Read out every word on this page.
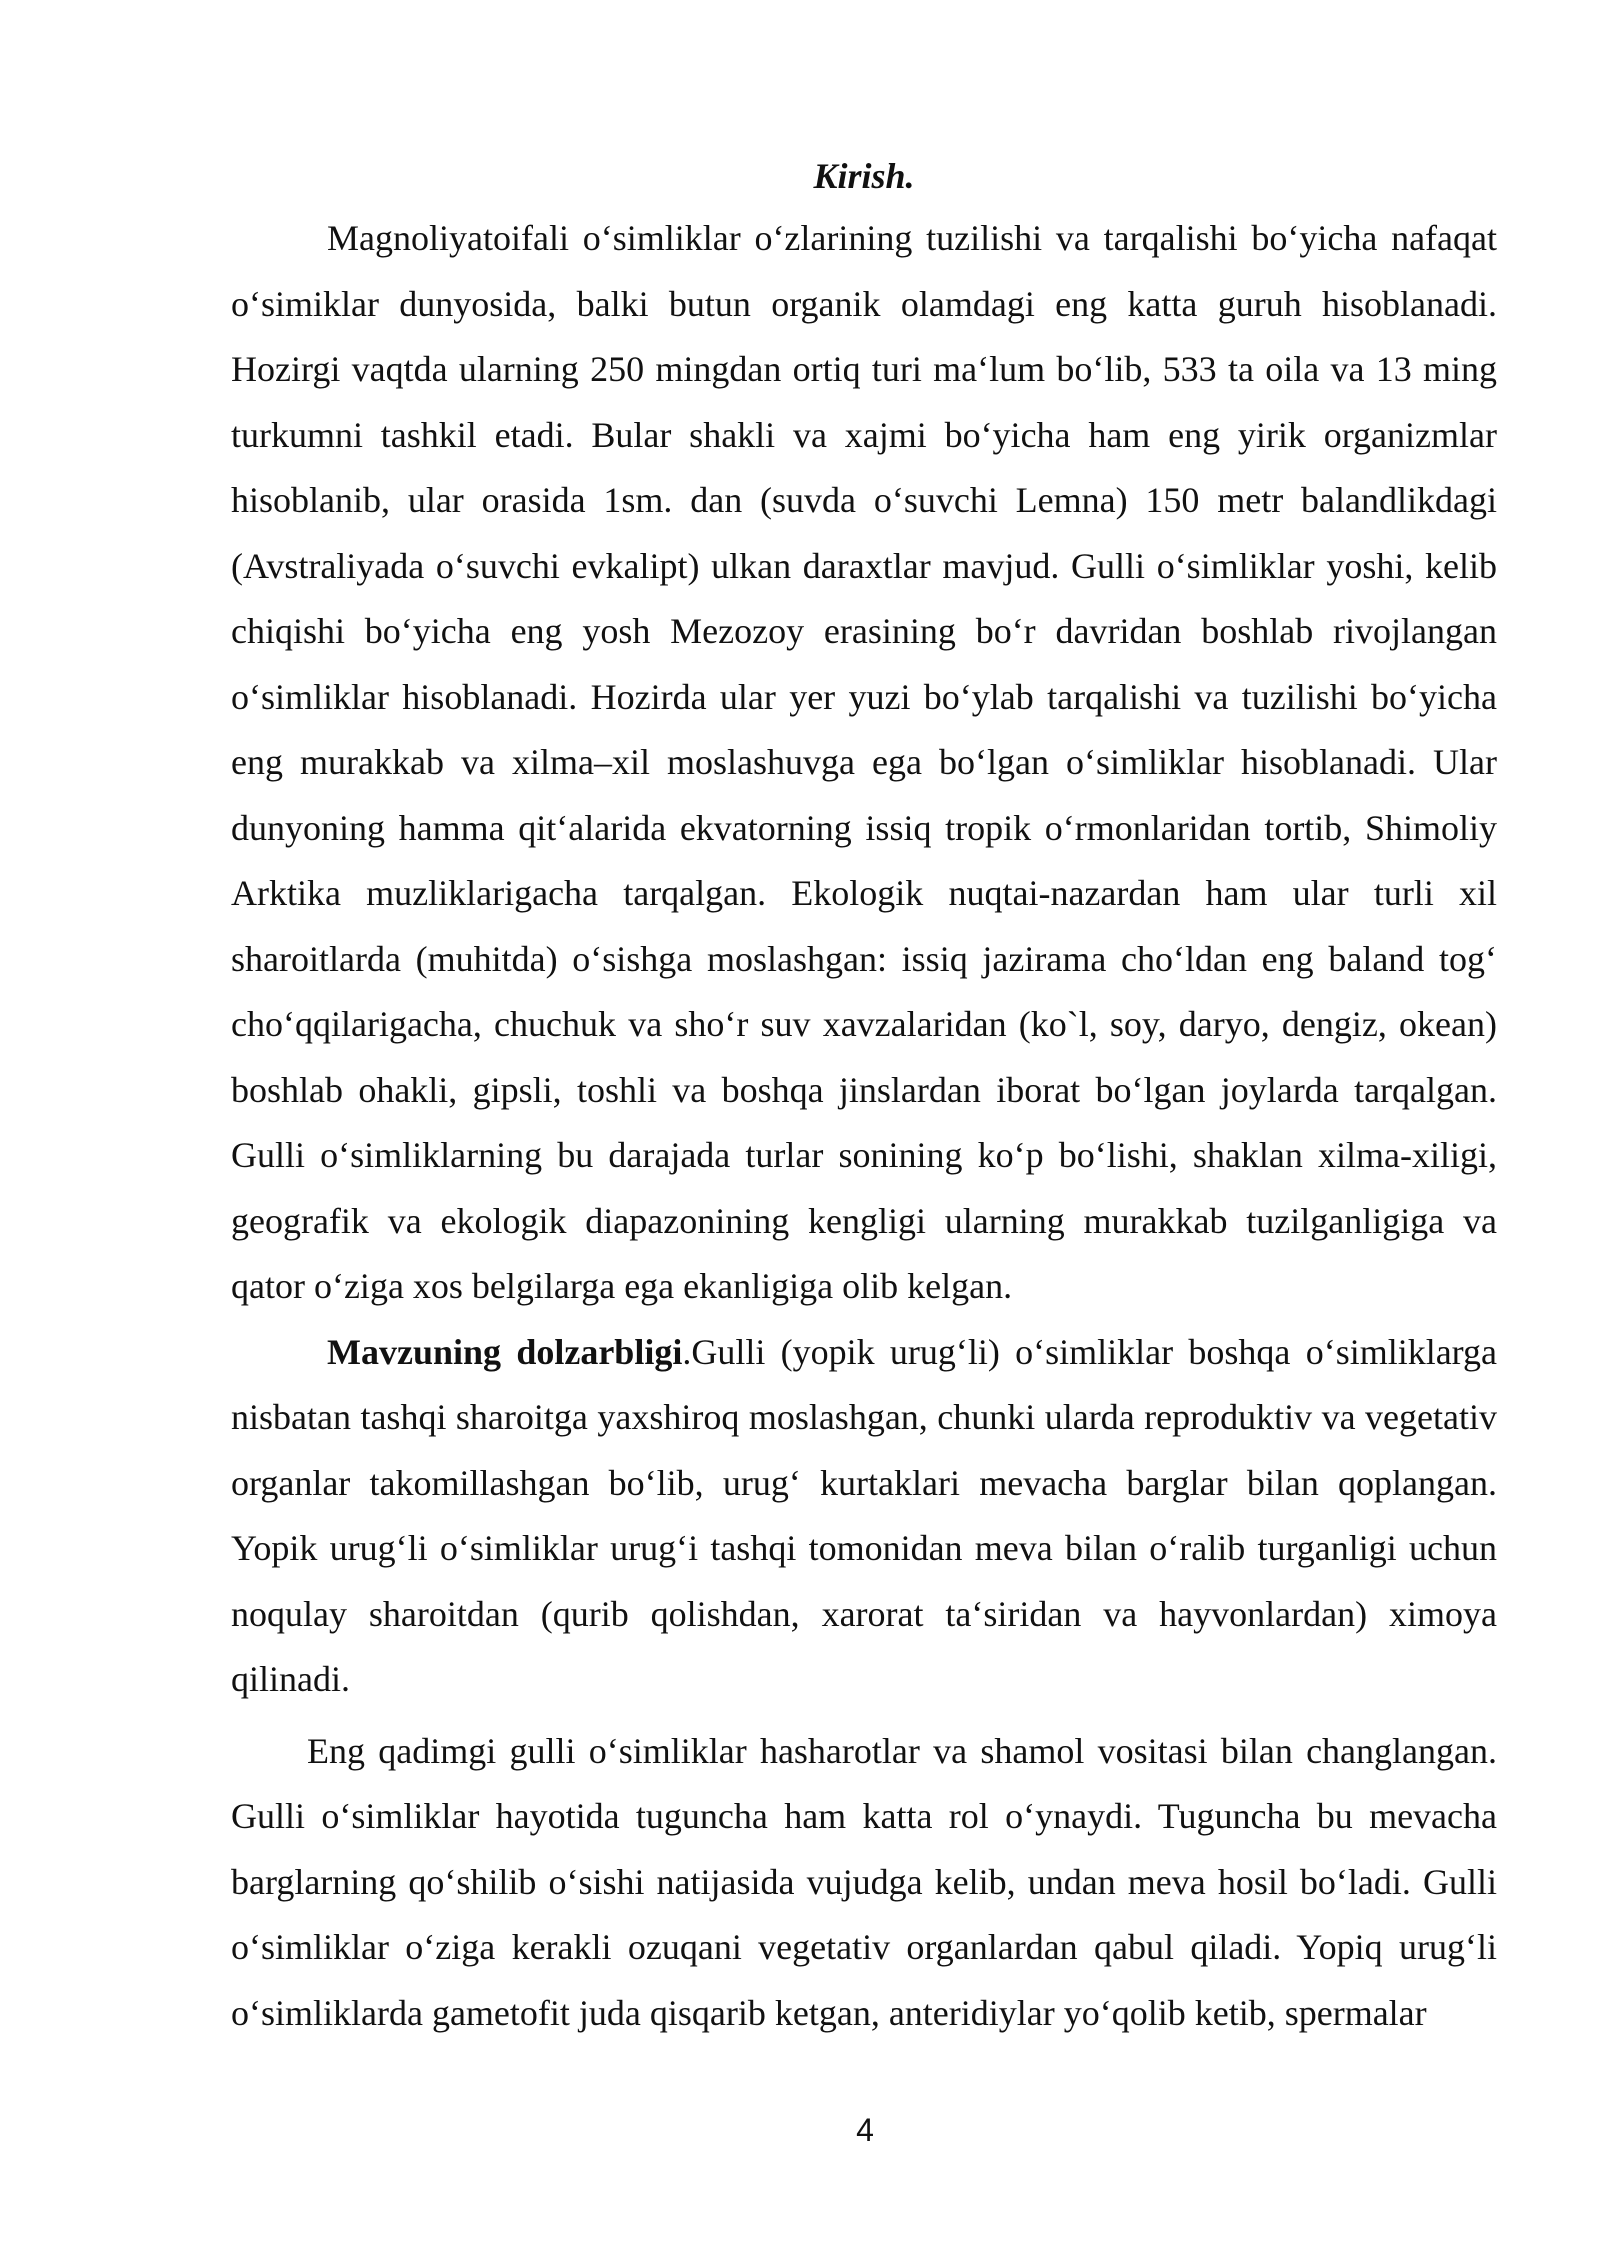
Kirish.

Magnoliyatoifali o‘simliklar o‘zlarining tuzilishi va tarqalishi bo‘yicha nafaqat o‘simiklar dunyosida, balki butun organik olamdagi eng katta guruh hisoblanadi. Hozirgi vaqtda ularning 250 mingdan ortiq turi ma‘lum bo‘lib, 533 ta oila va 13 ming turkumni tashkil etadi. Bular shakli va xajmi bo‘yicha ham eng yirik organizmlar hisoblanib, ular orasida 1sm. dan (suvda o‘suvchi Lemna) 150 metr balandlikdagi (Avstraliyada o‘suvchi evkalipt) ulkan daraxtlar mavjud. Gulli o‘simliklar yoshi, kelib chiqishi bo‘yicha eng yosh Mezozoy erasining bo‘r davridan boshlab rivojlangan o‘simliklar hisoblanadi. Hozirda ular yer yuzi bo‘ylab tarqalishi va tuzilishi bo‘yicha eng murakkab va xilma–xil moslashuvga ega bo‘lgan o‘simliklar hisoblanadi. Ular dunyoning hamma qit‘alarida ekvatorning issiq tropik o‘rmonlaridan tortib, Shimoliy Arktika muzliklarigacha tarqalgan. Ekologik nuqtai-nazardan ham ular turli xil sharoitlarda (muhitda) o‘sishga moslashgan: issiq jazirama cho‘ldan eng baland tog‘ cho‘qqilarigacha, chuchuk va sho‘r suv xavzalaridan (ko`l, soy, daryo, dengiz, okean) boshlab ohakli, gipsli, toshli va boshqa jinslardan iborat bo‘lgan joylarda tarqalgan. Gulli o‘simliklarning bu darajada turlar sonining ko‘p bo‘lishi, shaklan xilma-xiligi, geografik va ekologik diapazonining kengligi ularning murakkab tuzilganligiga va qator o‘ziga xos belgilarga ega ekanligiga olib kelgan.

Mavzuning dolzarbligi.Gulli (yopik urug‘li) o‘simliklar boshqa o‘simliklarga nisbatan tashqi sharoitga yaxshiroq moslashgan, chunki ularda reproduktiv va vegetativ organlar takomillashgan bo‘lib, urug‘ kurtaklari mevacha barglar bilan qoplangan. Yopik urug‘li o‘simliklar urug‘i tashqi tomonidan meva bilan o‘ralib turganligi uchun noqulay sharoitdan (qurib qolishdan, xarorat ta‘siridan va hayvonlardan) ximoya qilinadi.

Eng qadimgi gulli o‘simliklar hasharotlar va shamol vositasi bilan changlangan. Gulli o‘simliklar hayotida tuguncha ham katta rol o‘ynaydi. Tuguncha bu mevacha barglarning qo‘shilib o‘sishi natijasida vujudga kelib, undan meva hosil bo‘ladi. Gulli o‘simliklar o‘ziga kerakli ozuqani vegetativ organlardan qabul qiladi. Yopiq urug‘li o‘simliklarda gametofit juda qisqarib ketgan, anteridiylar yo‘qolib ketib, spermalar

4
